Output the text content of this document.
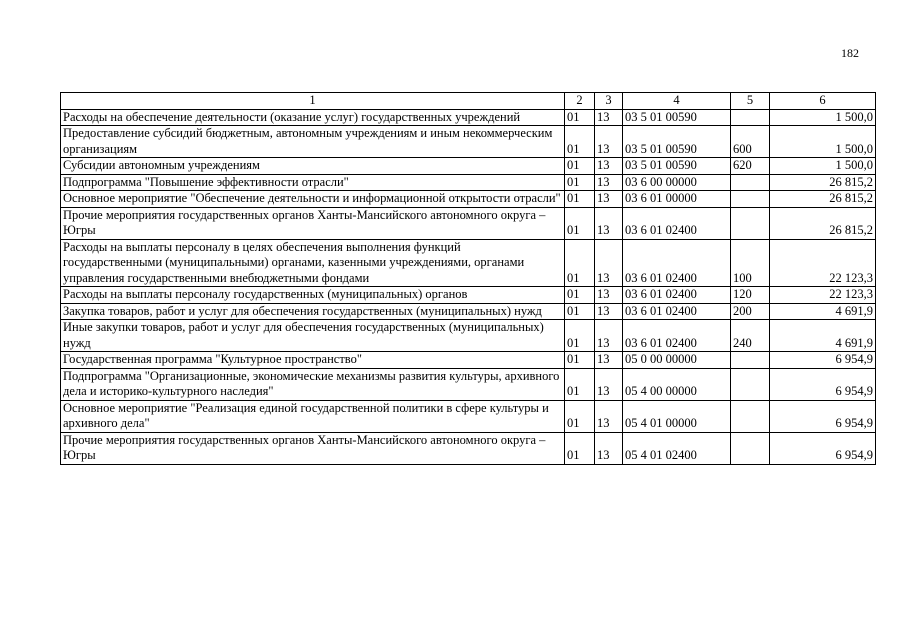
182
1	2	3	4	5	6
Расходы на обеспечение деятельности (оказание услуг) государственных учреждений	01	13	03 5 01 00590		1 500,0
Предоставление субсидий бюджетным, автономным учреждениям и иным некоммерческим организациям	01	13	03 5 01 00590	600	1 500,0
Субсидии автономным учреждениям	01	13	03 5 01 00590	620	1 500,0
Подпрограмма "Повышение эффективности отрасли"	01	13	03 6 00 00000		26 815,2
Основное мероприятие "Обеспечение деятельности и информационной открытости отрасли"	01	13	03 6 01 00000		26 815,2
Прочие мероприятия государственных органов Ханты-Мансийского автономного округа – Югры	01	13	03 6 01 02400		26 815,2
Расходы на выплаты персоналу в целях обеспечения выполнения функций государственными (муниципальными) органами, казенными учреждениями, органами управления государственными внебюджетными фондами	01	13	03 6 01 02400	100	22 123,3
Расходы на выплаты персоналу государственных (муниципальных) органов	01	13	03 6 01 02400	120	22 123,3
Закупка товаров, работ и услуг для обеспечения государственных (муниципальных) нужд	01	13	03 6 01 02400	200	4 691,9
Иные закупки товаров, работ и услуг для обеспечения государственных (муниципальных) нужд	01	13	03 6 01 02400	240	4 691,9
Государственная программа "Культурное пространство"	01	13	05 0 00 00000		6 954,9
Подпрограмма "Организационные, экономические механизмы развития культуры, архивного дела и историко-культурного наследия"	01	13	05 4 00 00000		6 954,9
Основное мероприятие "Реализация единой государственной политики в сфере культуры и архивного дела"	01	13	05 4 01 00000		6 954,9
Прочие мероприятия государственных органов Ханты-Мансийского автономного округа – Югры	01	13	05 4 01 02400		6 954,9
